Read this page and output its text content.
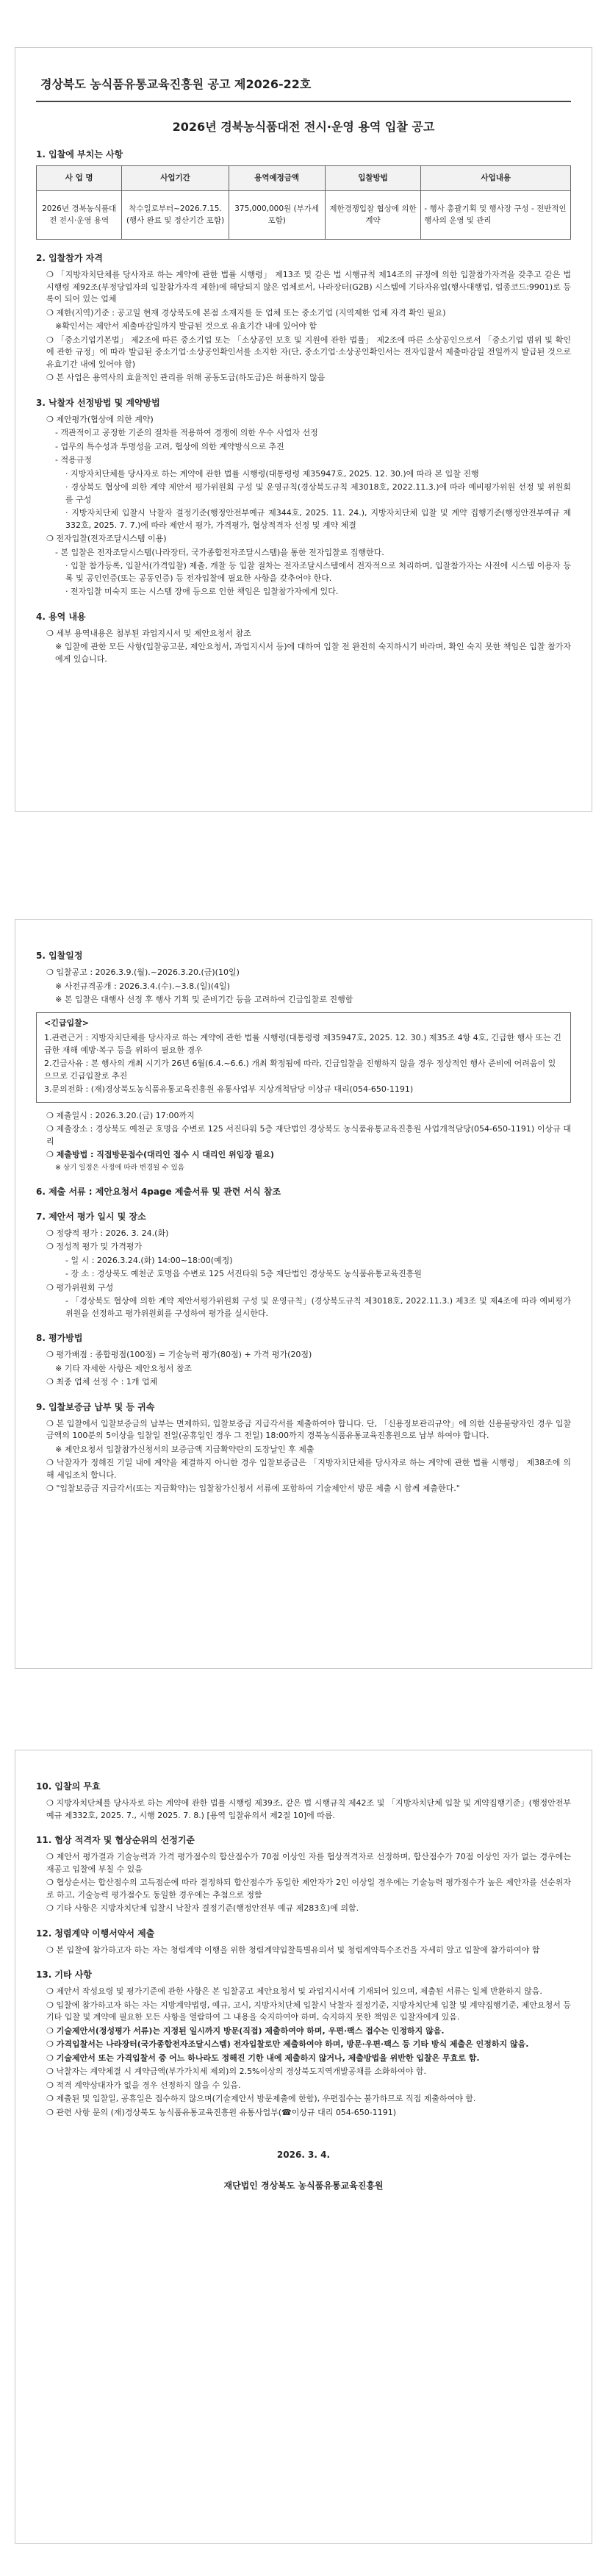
경상북도 농식품유통교육진흥원 공고 제2026-22호
2026년 경북농식품대전 전시·운영 용역 입찰 공고
1. 입찰에 부치는 사항
사 업 명	사업기간	용역예정금액	입찰방법	사업내용
2026년 경북농식품대전 전시·운영 용역	착수일로부터~2026.7.15.(행사 완료 및 정산기간 포함)	375,000,000원 (부가세포함)	제한경쟁입찰 협상에 의한 계약	- 행사 총괄기획 및 행사장 구성 - 전반적인 행사의 운영 및 관리
2. 입찰참가 자격

❍ 「지방자치단체를 당사자로 하는 계약에 관한 법률 시행령」 제13조 및 같은 법 시행규칙 제14조의 규정에 의한 입찰참가자격을 갖추고 같은 법 시행령 제92조(부정당업자의 입찰참가자격 제한)에 해당되지 않은 업체로서, 나라장터(G2B) 시스템에 기타자유업(행사대행업, 업종코드:9901)로 등록이 되어 있는 업체

❍ 제한(지역)기준 : 공고일 현재 경상북도에 본점 소재지를 둔 업체 또는 중소기업 (지역제한 업체 자격 확인 필요)

※확인서는 제안서 제출마감일까지 발급된 것으로 유효기간 내에 있어야 함

❍ 「중소기업기본법」 제2조에 따른 중소기업 또는 「소상공인 보호 및 지원에 관한 법률」 제2조에 따른 소상공인으로서 「중소기업 범위 및 확인에 관한 규정」에 따라 발급된 중소기업·소상공인확인서를 소지한 자(단, 중소기업·소상공인확인서는 전자입찰서 제출마감일 전일까지 발급된 것으로 유효기간 내에 있어야 함)

❍ 본 사업은 용역사의 효율적인 관리를 위해 공동도급(하도급)은 허용하지 않음

3. 낙찰자 선정방법 및 계약방법

❍ 제안평가(협상에 의한 계약)

- 객관적이고 공정한 기준의 절차를 적용하여 경쟁에 의한 우수 사업자 선정

- 업무의 특수성과 투명성을 고려, 협상에 의한 계약방식으로 추진

- 적용규정

· 지방자치단체를 당사자로 하는 계약에 관한 법률 시행령(대통령령 제35947호, 2025. 12. 30.)에 따라 본 입찰 진행

· 경상북도 협상에 의한 계약 제안서 평가위원회 구성 및 운영규칙(경상북도규칙 제3018호, 2022.11.3.)에 따라 예비평가위원 선정 및 위원회를 구성

· 지방자치단체 입찰시 낙찰자 결정기준(행정안전부예규 제344호, 2025. 11. 24.), 지방자치단체 입찰 및 계약 집행기준(행정안전부예규 제332호, 2025. 7. 7.)에 따라 제안서 평가, 가격평가, 협상적격자 선정 및 계약 체결

❍ 전자입찰(전자조달시스템 이용)

- 본 입찰은 전자조달시스템(나라장터, 국가종합전자조달시스템)을 통한 전자입찰로 집행한다.

· 입찰 참가등록, 입찰서(가격입찰) 제출, 개찰 등 입찰 절차는 전자조달시스템에서 전자적으로 처리하며, 입찰참가자는 사전에 시스템 이용자 등록 및 공인인증(또는 공동인증) 등 전자입찰에 필요한 사항을 갖추어야 한다.

· 전자입찰 미숙지 또는 시스템 장애 등으로 인한 책임은 입찰참가자에게 있다.

4. 용역 내용

❍ 세부 용역내용은 첨부된 과업지시서 및 제안요청서 참조

※ 입찰에 관한 모든 사항(입찰공고문, 제안요청서, 과업지시서 등)에 대하여 입찰 전 완전히 숙지하시기 바라며, 확인 숙지 못한 책임은 입찰 참가자에게 있습니다.

5. 입찰일정

❍ 입찰공고 : 2026.3.9.(월).~2026.3.20.(금)(10일)

※ 사전규격공개 : 2026.3.4.(수).~3.8.(일)(4일)

※ 본 입찰은 대행사 선정 후 행사 기획 및 준비기간 등을 고려하여 긴급입찰로 진행함

<긴급입찰>

1.관련근거 : 지방자치단체를 당사자로 하는 계약에 관한 법률 시행령(대통령령 제35947호, 2025. 12. 30.) 제35조 4항 4호, 긴급한 행사 또는 긴급한 재해 예방·복구 등을 위하여 필요한 경우

2.긴급사유 : 본 행사의 개최 시기가 26년 6월(6.4.~6.6.) 개최 확정됨에 따라, 긴급입찰을 진행하지 않을 경우 정상적인 행사 준비에 어려움이 있으므로 긴급입찰로 추진

3.문의전화 : (재)경상북도농식품유통교육진흥원 유통사업부 지상개척담당 이상규 대리(054-650-1191)

❍ 제출일시 : 2026.3.20.(금) 17:00까지

❍ 제출장소 : 경상북도 예천군 호명읍 수변로 125 서진타워 5층 재단법인 경상북도 농식품유통교육진흥원 사업개척담당(054-650-1191) 이상규 대리

❍ 제출방법 : 직접방문접수(대리인 접수 시 대리인 위임장 필요)

※ 상기 일정은 사정에 따라 변경될 수 있음

6. 제출 서류 : 제안요청서 4page 제출서류 및 관련 서식 참조
7. 제안서 평가 일시 및 장소

❍ 정량적 평가 : 2026. 3. 24.(화)

❍ 정성적 평가 및 가격평가

- 일 시 : 2026.3.24.(화) 14:00~18:00(예정)

- 장 소 : 경상북도 예천군 호명읍 수변로 125 서진타워 5층 재단법인 경상북도 농식품유통교육진흥원

❍ 평가위원회 구성

- 「경상북도 협상에 의한 계약 제안서평가위원회 구성 및 운영규칙」(경상북도규칙 제3018호, 2022.11.3.) 제3조 및 제4조에 따라 예비평가위원을 선정하고 평가위원회를 구성하여 평가를 실시한다.

8. 평가방법

❍ 평가배점 : 종합평점(100점) = 기술능력 평가(80점) + 가격 평가(20점)

※ 기타 자세한 사항은 제안요청서 참조

❍ 최종 업체 선정 수 : 1개 업체

9. 입찰보증금 납부 및 등 귀속

❍ 본 입찰에서 입찰보증금의 납부는 면제하되, 입찰보증금 지급각서를 제출하여야 합니다. 단, 「신용정보관리규약」에 의한 신용불량자인 경우 입찰금액의 100분의 5이상을 입찰일 전일(공휴일인 경우 그 전일) 18:00까지 경북농식품유통교육진흥원으로 납부 하여야 합니다.

※ 제안요청서 입찰참가신청서의 보증금액 지급확약란의 도장날인 후 제출

❍ 낙찰자가 정해진 기일 내에 계약을 체결하지 아니한 경우 입찰보증금은 「지방자치단체를 당사자로 하는 계약에 관한 법률 시행령」 제38조에 의해 세입조치 합니다.

❍ "입찰보증금 지급각서(또는 지급확약)는 입찰참가신청서 서류에 포함하여 기술제안서 방문 제출 시 함께 제출한다."

10. 입찰의 무효

❍ 지방자치단체를 당사자로 하는 계약에 관한 법률 시행령 제39조, 같은 법 시행규칙 제42조 및 「지방자치단체 입찰 및 계약집행기준」(행정안전부예규 제332호, 2025. 7., 시행 2025. 7. 8.) [용역 입찰유의서 제2절 10]에 따름.

11. 협상 적격자 및 협상순위의 선정기준

❍ 제안서 평가결과 기술능력과 가격 평가점수의 합산점수가 70점 이상인 자를 협상적격자로 선정하며, 합산점수가 70점 이상인 자가 없는 경우에는 재공고 입찰에 부칠 수 있음

❍ 협상순서는 합산점수의 고득점순에 따라 결정하되 합산점수가 동일한 제안자가 2인 이상일 경우에는 기술능력 평가점수가 높은 제안자를 선순위자로 하고, 기술능력 평가점수도 동일한 경우에는 추첨으로 정함

❍ 기타 사항은 지방자치단체 입찰시 낙찰자 결정기준(행정안전부 예규 제283호)에 의함.

12. 청렴계약 이행서약서 제출

❍ 본 입찰에 참가하고자 하는 자는 청렴계약 이행을 위한 청렴계약입찰특별유의서 및 청렴계약특수조건을 자세히 알고 입찰에 참가하여야 함

13. 기타 사항

❍ 제안서 작성요령 및 평가기준에 관한 사항은 본 입찰공고 제안요청서 및 과업지시서에 기재되어 있으며, 제출된 서류는 일체 반환하지 않음.

❍ 입찰에 참가하고자 하는 자는 지방계약법령, 예규, 고시, 지방자치단체 입찰시 낙찰자 결정기준, 지방자치단체 입찰 및 계약집행기준, 제안요청서 등 기타 입찰 및 계약에 필요한 모든 사항을 열람하여 그 내용을 숙지하여야 하며, 숙지하지 못한 책임은 입찰자에게 있음.

❍ 기술제안서(정성평가 서류)는 지정된 일시까지 방문(직접) 제출하여야 하며, 우편·팩스 접수는 인정하지 않음.

❍ 가격입찰서는 나라장터(국가종합전자조달시스템) 전자입찰로만 제출하여야 하며, 방문·우편·팩스 등 기타 방식 제출은 인정하지 않음.

❍ 기술제안서 또는 가격입찰서 중 어느 하나라도 정해진 기한 내에 제출하지 않거나, 제출방법을 위반한 입찰은 무효로 함.

❍ 낙찰자는 계약체결 시 계약금액(부가가치세 제외)의 2.5%이상의 경상북도지역개발공채를 소화하여야 함.

❍ 적격 계약상대자가 없을 경우 선정하지 않을 수 있음.

❍ 제출된 및 입찰일, 공휴일은 접수하지 않으며(기술제안서 방문제출에 한함), 우편접수는 불가하므로 직접 제출하여야 함.

❍ 관련 사항 문의 (재)경상북도 농식품유통교육진흥원 유통사업부(☎이상규 대리 054-650-1191)

2026. 3. 4.
재단법인 경상북도 농식품유통교육진흥원
